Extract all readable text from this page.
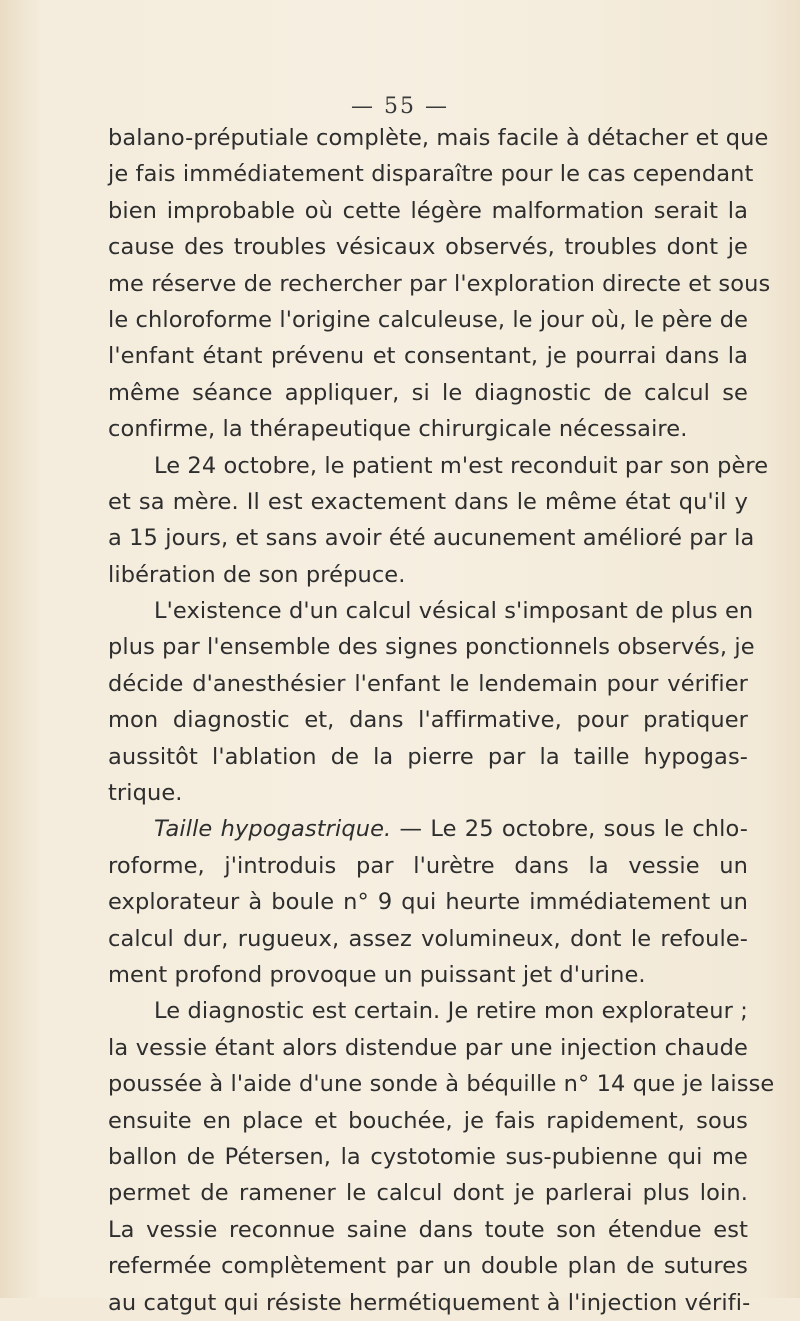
— 55 —
balano-préputiale complète, mais facile à détacher et que
je fais immédiatement disparaître pour le cas cependant
bien improbable où cette légère malformation serait la
cause des troubles vésicaux observés, troubles dont je
me réserve de rechercher par l'exploration directe et sous
le chloroforme l'origine calculeuse, le jour où, le père de
l'enfant étant prévenu et consentant, je pourrai dans la
même séance appliquer, si le diagnostic de calcul se
confirme, la thérapeutique chirurgicale nécessaire.
Le 24 octobre, le patient m'est reconduit par son père
et sa mère. Il est exactement dans le même état qu'il y
a 15 jours, et sans avoir été aucunement amélioré par la
libération de son prépuce.
L'existence d'un calcul vésical s'imposant de plus en
plus par l'ensemble des signes ponctionnels observés, je
décide d'anesthésier l'enfant le lendemain pour vérifier
mon diagnostic et, dans l'affirmative, pour pratiquer
aussitôt l'ablation de la pierre par la taille hypogas-
trique.
Taille hypogastrique. — Le 25 octobre, sous le chlo-
roforme, j'introduis par l'urètre dans la vessie un
explorateur à boule n° 9 qui heurte immédiatement un
calcul dur, rugueux, assez volumineux, dont le refoule-
ment profond provoque un puissant jet d'urine.
Le diagnostic est certain. Je retire mon explorateur ;
la vessie étant alors distendue par une injection chaude
poussée à l'aide d'une sonde à béquille n° 14 que je laisse
ensuite en place et bouchée, je fais rapidement, sous
ballon de Pétersen, la cystotomie sus-pubienne qui me
permet de ramener le calcul dont je parlerai plus loin.
La vessie reconnue saine dans toute son étendue est
refermée complètement par un double plan de sutures
au catgut qui résiste hermétiquement à l'injection vérifi-
